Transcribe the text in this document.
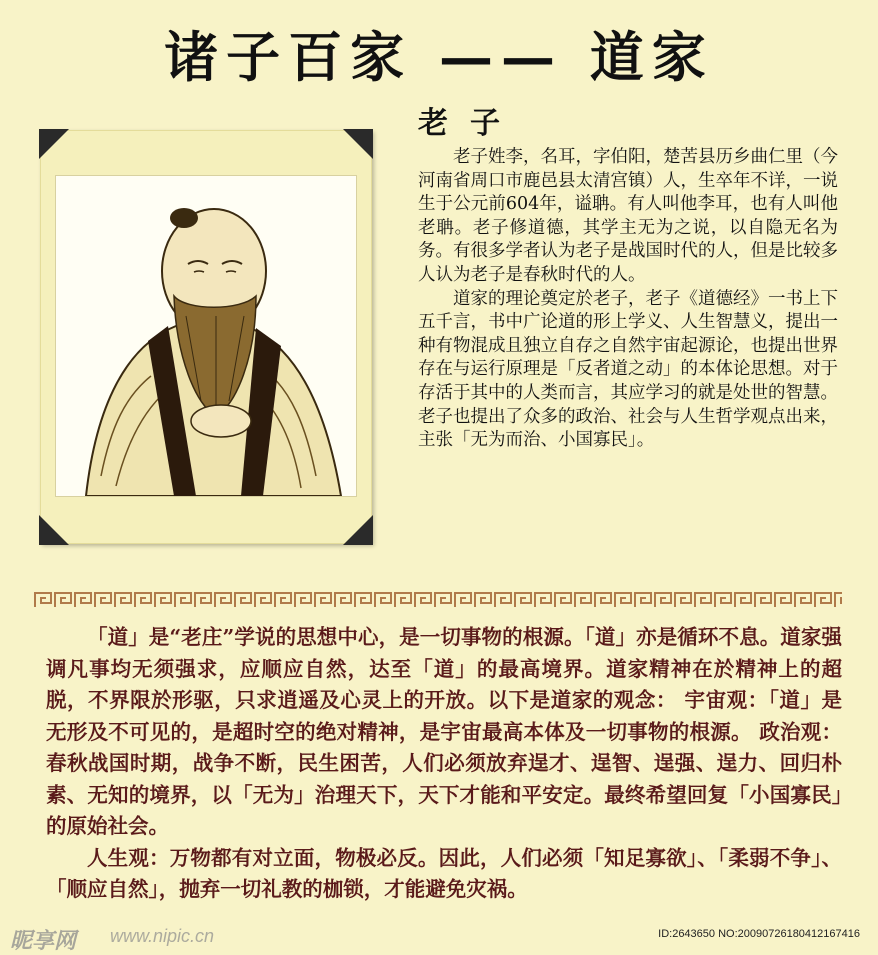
诸子百家 —— 道家
老子

老子姓李，名耳，字伯阳，楚苦县历乡曲仁里（今河南省周口市鹿邑县太清宫镇）人，生卒年不详，一说生于公元前604年，谥聃。有人叫他李耳，也有人叫他老聃。老子修道德，其学主无为之说，以自隐无名为务。有很多学者认为老子是战国时代的人，但是比较多人认为老子是春秋时代的人。

道家的理论奠定於老子，老子《道德经》一书上下五千言，书中广论道的形上学义、人生智慧义，提出一种有物混成且独立自存之自然宇宙起源论，也提出世界存在与运行原理是「反者道之动」的本体论思想。对于存活于其中的人类而言，其应学习的就是处世的智慧。老子也提出了众多的政治、社会与人生哲学观点出来，主张「无为而治、小国寡民」。

「道」是“老庄”学说的思想中心，是一切事物的根源。「道」亦是循环不息。道家强调凡事均无须强求，应顺应自然，达至「道」的最高境界。道家精神在於精神上的超脱，不界限於形驱，只求逍遥及心灵上的开放。以下是道家的观念： 宇宙观：「道」是无形及不可见的，是超时空的绝对精神，是宇宙最高本体及一切事物的根源。 政治观：春秋战国时期，战争不断，民生困苦，人们必须放弃逞才、逞智、逞强、逞力、回归朴素、无知的境界，以「无为」治理天下，天下才能和平安定。最终希望回复「小国寡民」的原始社会。

人生观：万物都有对立面，物极必反。因此，人们必须「知足寡欲」、「柔弱不争」、「顺应自然」，抛弃一切礼教的枷锁，才能避免灾祸。

昵享网 www.nipic.cn	ID:2643650 NO:20090726180412167416
